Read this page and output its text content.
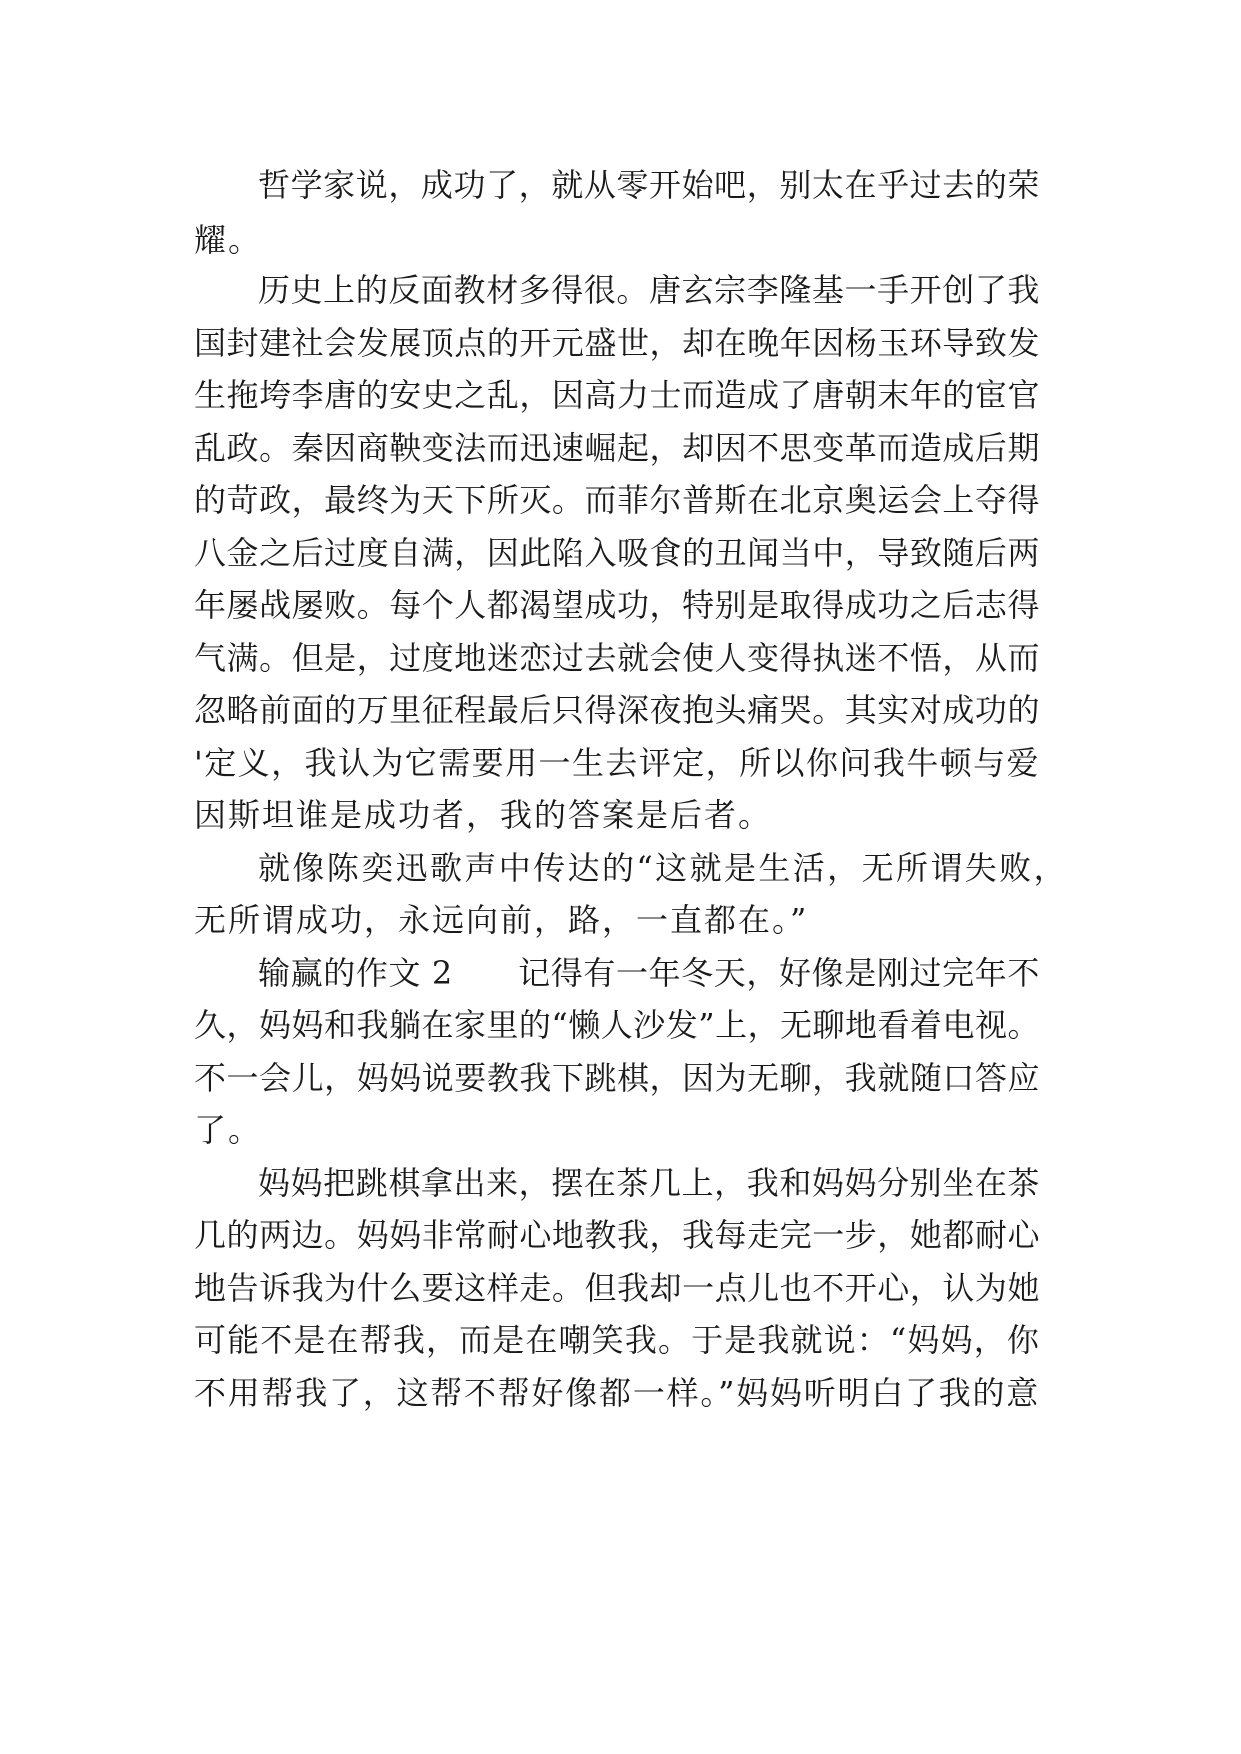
哲学家说，成功了，就从零开始吧，别太在乎过去的荣
耀。
历史上的反面教材多得很。唐玄宗李隆基一手开创了我
国封建社会发展顶点的开元盛世，却在晚年因杨玉环导致发
生拖垮李唐的安史之乱，因高力士而造成了唐朝末年的宦官
乱政。秦因商鞅变法而迅速崛起，却因不思变革而造成后期
的苛政，最终为天下所灭。而菲尔普斯在北京奥运会上夺得
八金之后过度自满，因此陷入吸食的丑闻当中，导致随后两
年屡战屡败。每个人都渴望成功，特别是取得成功之后志得
气满。但是，过度地迷恋过去就会使人变得执迷不悟，从而
忽略前面的万里征程最后只得深夜抱头痛哭。其实对成功的
'定义，我认为它需要用一生去评定，所以你问我牛顿与爱
因斯坦谁是成功者，我的答案是后者。
就像陈奕迅歌声中传达的“这就是生活，无所谓失败，
无所谓成功，永远向前，路，一直都在。”
输赢的作文 2　　记得有一年冬天，好像是刚过完年不
久，妈妈和我躺在家里的“懒人沙发”上，无聊地看着电视。
不一会儿，妈妈说要教我下跳棋，因为无聊，我就随口答应
了。
妈妈把跳棋拿出来，摆在茶几上，我和妈妈分别坐在茶
几的两边。妈妈非常耐心地教我，我每走完一步，她都耐心
地告诉我为什么要这样走。但我却一点儿也不开心，认为她
可能不是在帮我，而是在嘲笑我。于是我就说：“妈妈，你
不用帮我了，这帮不帮好像都一样。”妈妈听明白了我的意
